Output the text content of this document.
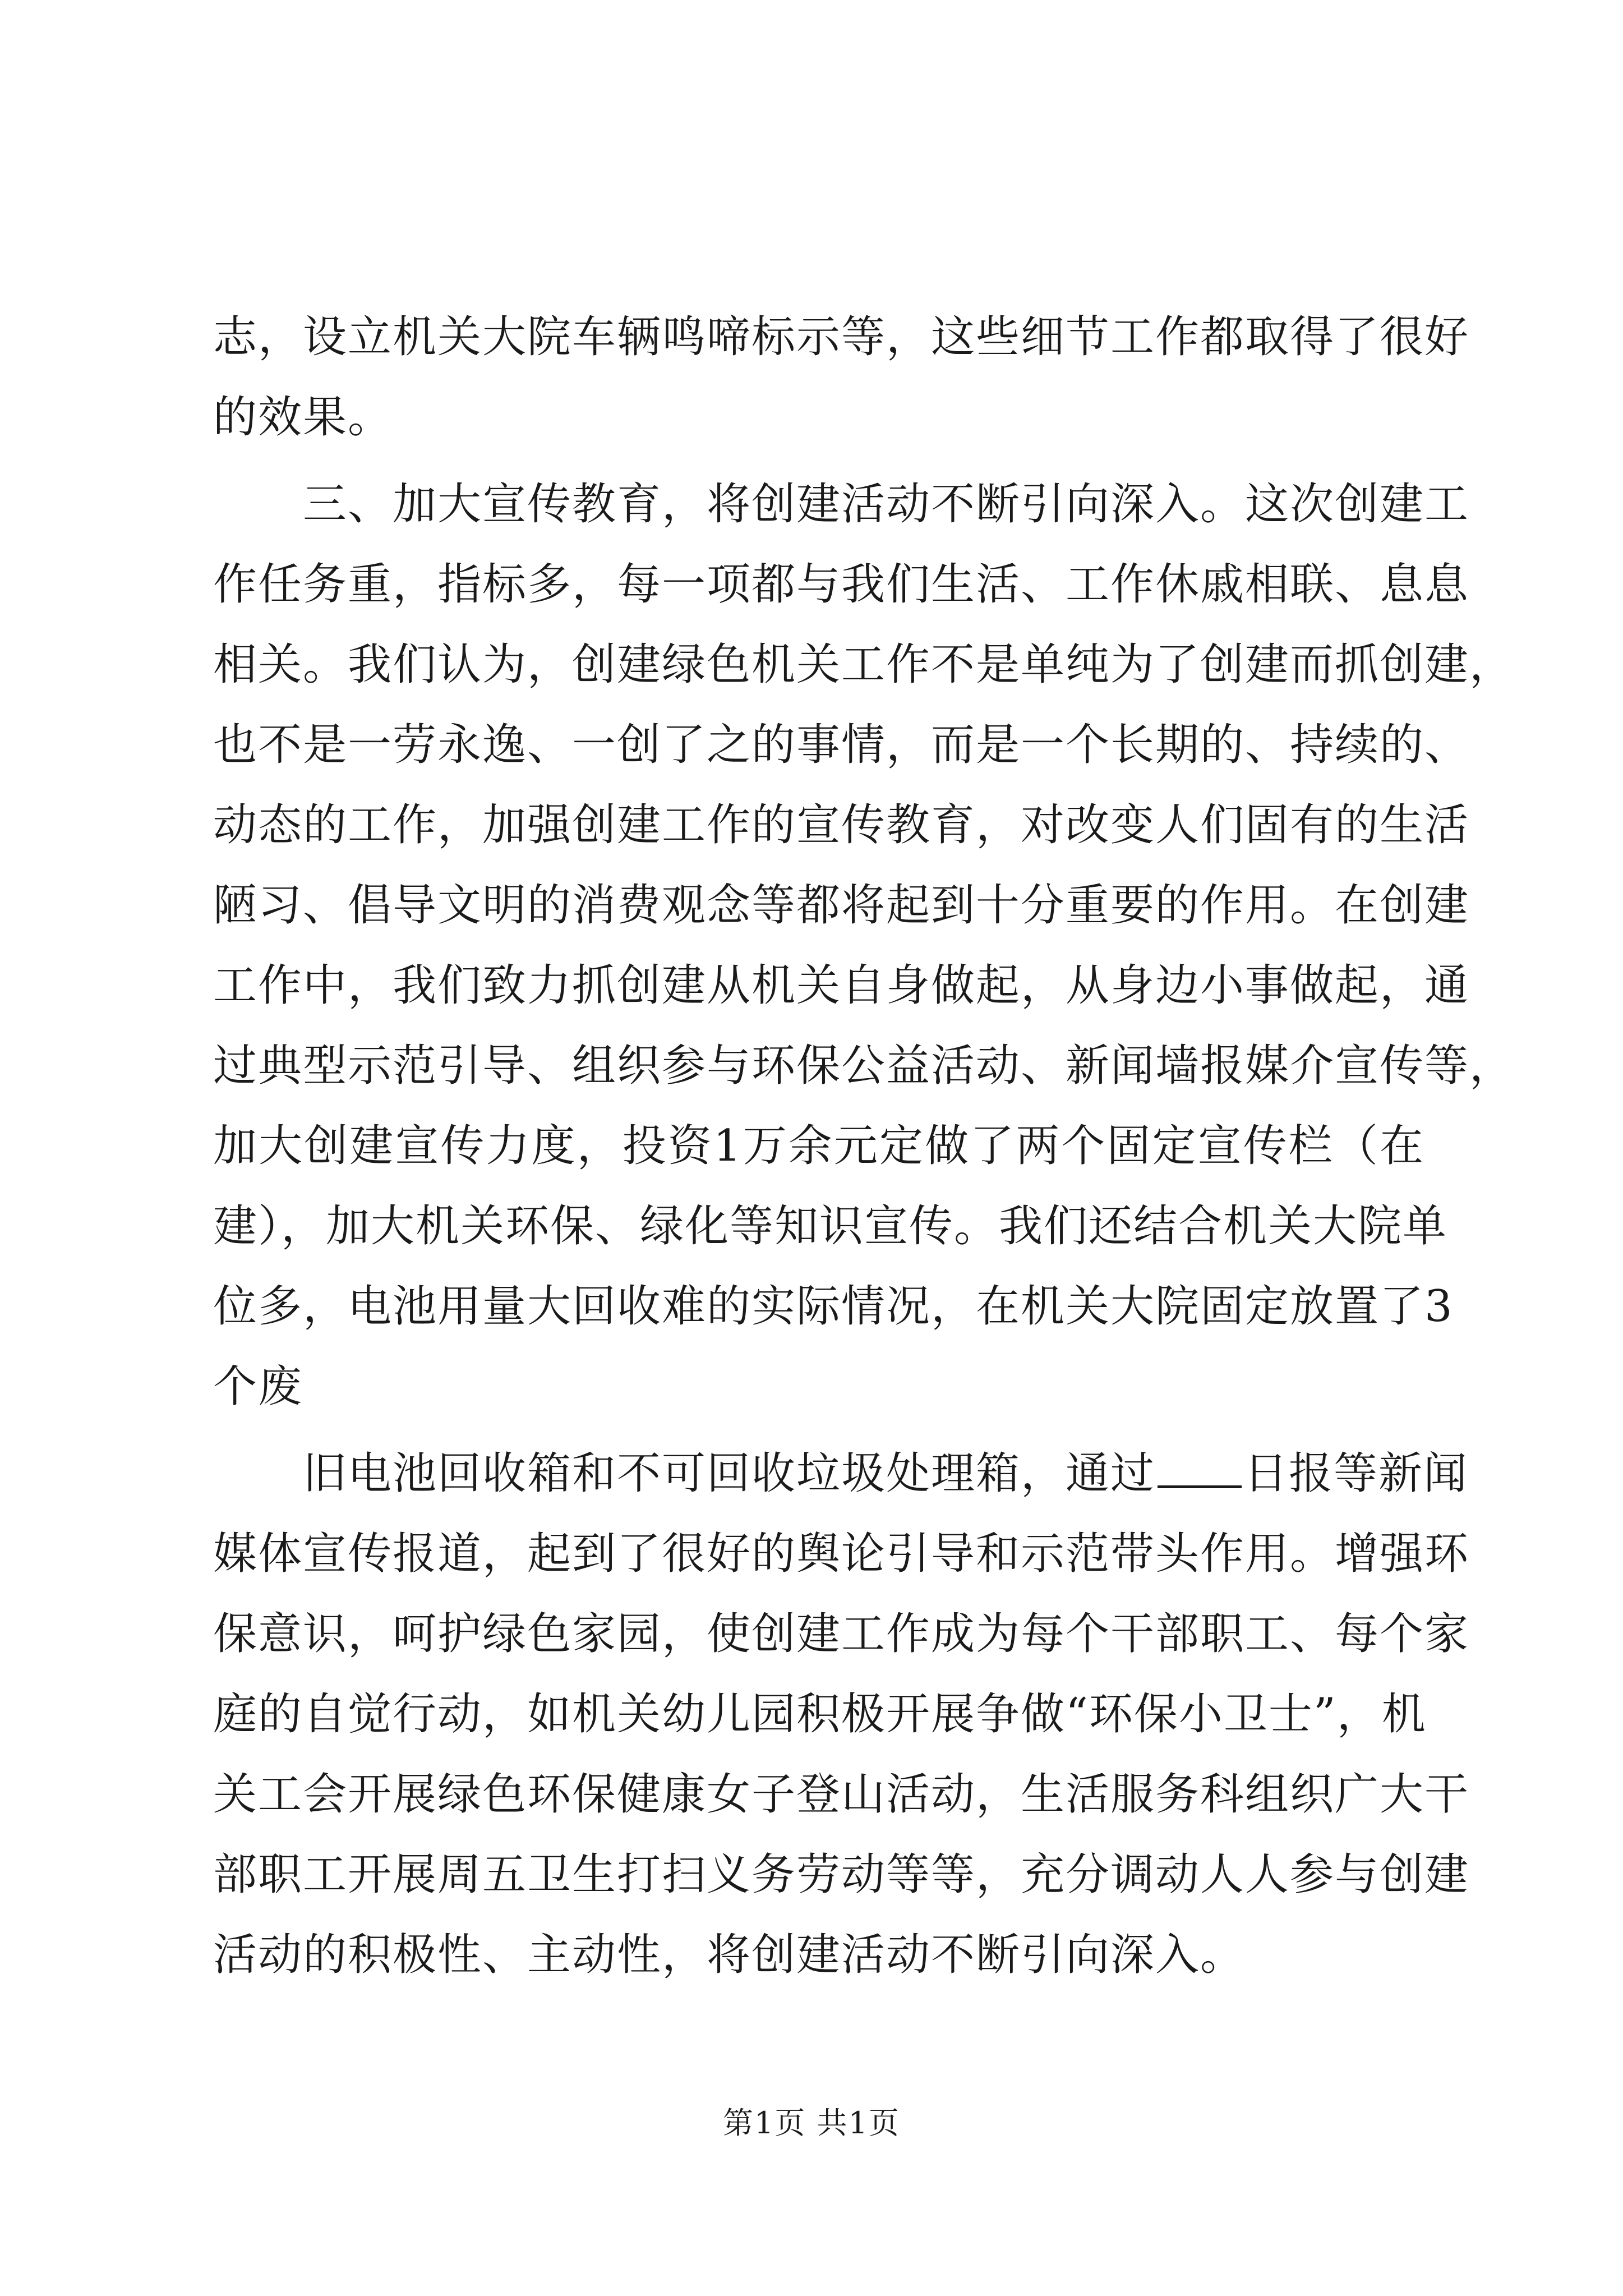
志，设立机关大院车辆鸣啼标示等，这些细节工作都取得了很好
的效果。
三、加大宣传教育，将创建活动不断引向深入。这次创建工
作任务重，指标多，每一项都与我们生活、工作休戚相联、息息
相关。我们认为，创建绿色机关工作不是单纯为了创建而抓创建，
也不是一劳永逸、一创了之的事情，而是一个长期的、持续的、
动态的工作，加强创建工作的宣传教育，对改变人们固有的生活
陋习、倡导文明的消费观念等都将起到十分重要的作用。在创建
工作中，我们致力抓创建从机关自身做起，从身边小事做起，通
过典型示范引导、组织参与环保公益活动、新闻墙报媒介宣传等，
加大创建宣传力度，投资1万余元定做了两个固定宣传栏（在
建），加大机关环保、绿化等知识宣传。我们还结合机关大院单
位多，电池用量大回收难的实际情况，在机关大院固定放置了3
个废
旧电池回收箱和不可回收垃圾处理箱，通过 日报等新闻
媒体宣传报道，起到了很好的舆论引导和示范带头作用。增强环
保意识，呵护绿色家园，使创建工作成为每个干部职工、每个家
庭的自觉行动，如机关幼儿园积极开展争做“环保小卫士”，机
关工会开展绿色环保健康女子登山活动，生活服务科组织广大干
部职工开展周五卫生打扫义务劳动等等，充分调动人人参与创建
活动的积极性、主动性，将创建活动不断引向深入。
第1页 共1页
